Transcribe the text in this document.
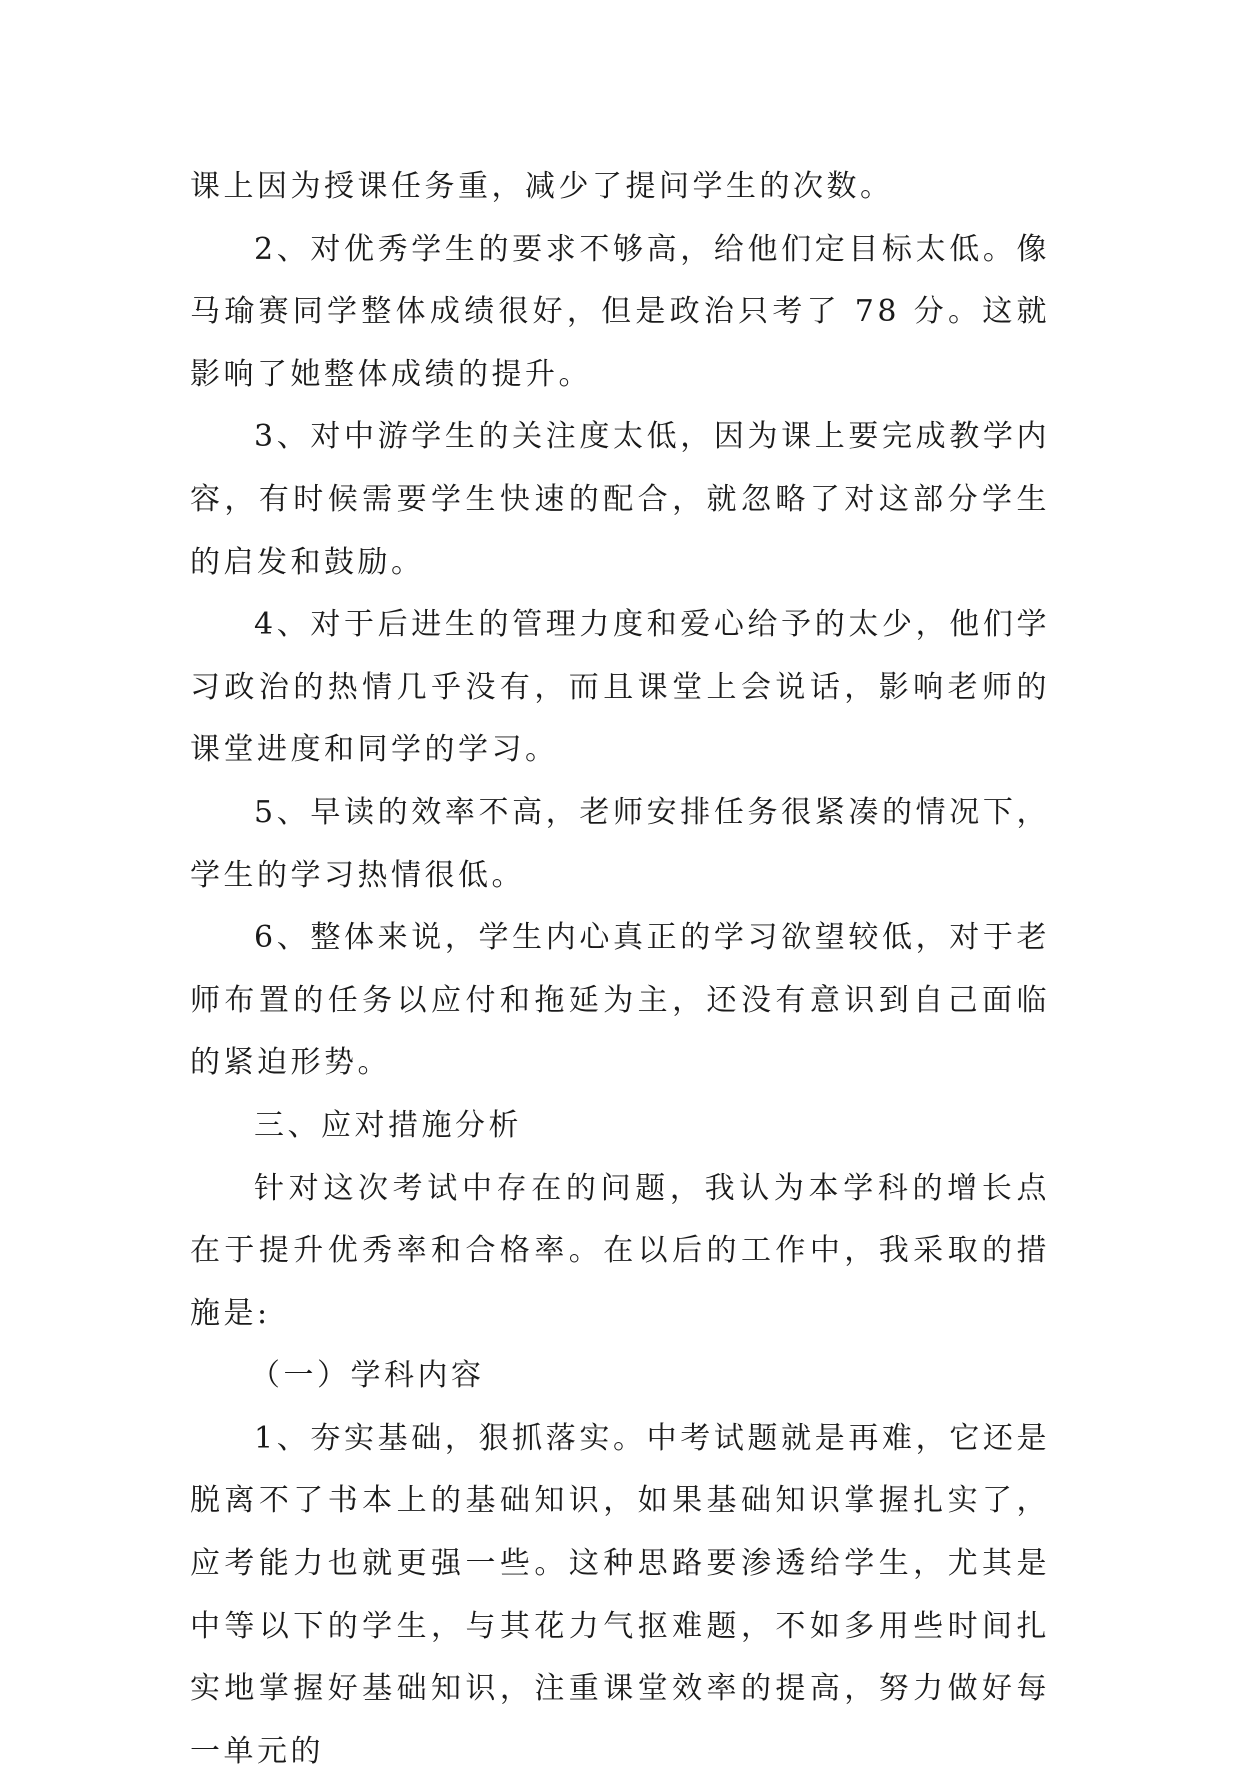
课上因为授课任务重，减少了提问学生的次数。

2、对优秀学生的要求不够高，给他们定目标太低。像马瑜赛同学整体成绩很好，但是政治只考了 78 分。这就影响了她整体成绩的提升。

3、对中游学生的关注度太低，因为课上要完成教学内容，有时候需要学生快速的配合，就忽略了对这部分学生的启发和鼓励。

4、对于后进生的管理力度和爱心给予的太少，他们学习政治的热情几乎没有，而且课堂上会说话，影响老师的课堂进度和同学的学习。

5、早读的效率不高，老师安排任务很紧凑的情况下，学生的学习热情很低。

6、整体来说，学生内心真正的学习欲望较低，对于老师布置的任务以应付和拖延为主，还没有意识到自己面临的紧迫形势。

三、应对措施分析

针对这次考试中存在的问题，我认为本学科的增长点在于提升优秀率和合格率。在以后的工作中，我采取的措施是:

（一）学科内容

1、夯实基础，狠抓落实。中考试题就是再难，它还是脱离不了书本上的基础知识，如果基础知识掌握扎实了，应考能力也就更强一些。这种思路要渗透给学生，尤其是中等以下的学生，与其花力气抠难题，不如多用些时间扎实地掌握好基础知识，注重课堂效率的提高，努力做好每一单元的
